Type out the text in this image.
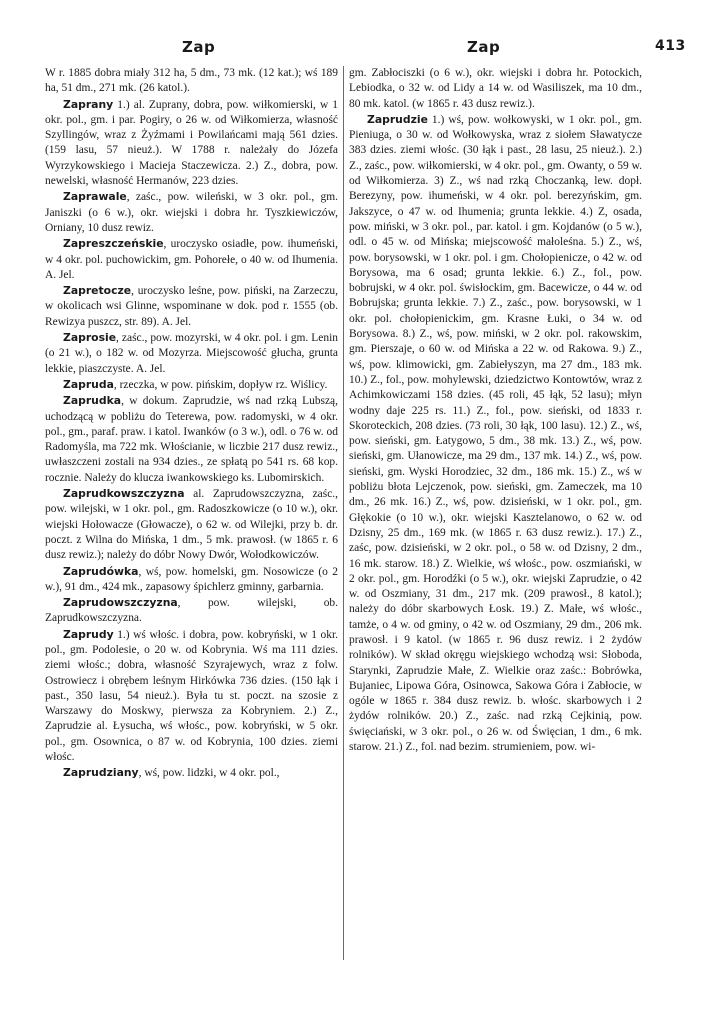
Zap	Zap	413

W r. 1885 dobra miały 312 ha, 5 dm., 73 mk. (12 kat.); wś 189 ha, 51 dm., 271 mk. (26 katol.).

Zaprany 1.) al. Zuprany, dobra, pow. wiłkomierski, w 1 okr. pol., gm. i par. Pogiry, o 26 w. od Wiłkomierza, własność Szyllingów, wraz z Żyźmami i Powilańcami mają 561 dzies. (159 lasu, 57 nieuż.). W 1788 r. należały do Józefa Wyrzykowskiego i Macieja Staczewicza. 2.) Z., dobra, pow. newelski, własność Hermanów, 223 dzies.

Zaprawale, zaśc., pow. wileński, w 3 okr. pol., gm. Janiszki (o 6 w.), okr. wiejski i dobra hr. Tyszkiewiczów, Orniany, 10 dusz rewiz.

Zapreszczeńskie, uroczysko osiadłe, pow. ihumeński, w 4 okr. pol. puchowickim, gm. Pohorełe, o 40 w. od Ihumenia. A. Jel.

Zapretocze, uroczysko leśne, pow. piński, na Zarzeczu, w okolicach wsi Glinne, wspominane w dok. pod r. 1555 (ob. Rewizya puszcz, str. 89). A. Jel.

Zaprosie, zaśc., pow. mozyrski, w 4 okr. pol. i gm. Lenin (o 21 w.), o 182 w. od Mozyrza. Miejscowość głucha, grunta lekkie, piaszczyste. A. Jel.

Zapruda, rzeczka, w pow. pińskim, dopływ rz. Wiślicy.

Zaprudka, w dokum. Zaprudzie, wś nad rzką Lubszą, uchodzącą w pobliżu do Teterewa, pow. radomyski, w 4 okr. pol., gm., paraf. praw. i katol. Iwanków (o 3 w.), odl. o 76 w. od Radomyśla, ma 722 mk. Włościanie, w liczbie 217 dusz rewiz., uwłaszczeni zostali na 934 dzies., ze spłatą po 541 rs. 68 kop. rocznie. Należy do klucza iwankowskiego ks. Lubomirskich.

Zaprudkowszczyzna al. Zaprudowszczyzna, zaśc., pow. wilejski, w 1 okr. pol., gm. Radoszkowicze (o 10 w.), okr. wiejski Hołowacze (Głowacze), o 62 w. od Wilejki, przy b. dr. poczt. z Wilna do Mińska, 1 dm., 5 mk. prawosł. (w 1865 r. 6 dusz rewiz.); należy do dóbr Nowy Dwór, Wołodkowiczów.

Zaprudówka, wś, pow. homelski, gm. Nosowicze (o 2 w.), 91 dm., 424 mk., zapasowy śpichlerz gminny, garbarnia.

Zaprudowszczyzna, pow. wilejski, ob. Zaprudkowszczyzna.

Zaprudy 1.) wś włośc. i dobra, pow. kobryński, w 1 okr. pol., gm. Podolesie, o 20 w. od Kobrynia. Wś ma 111 dzies. ziemi włośc.; dobra, własność Szyrajewych, wraz z folw. Ostrowiecz i obrębem leśnym Hirkówka 736 dzies. (150 łąk i past., 350 lasu, 54 nieuż.). Była tu st. poczt. na szosie z Warszawy do Moskwy, pierwsza za Kobryniem. 2.) Z., Zaprudzie al. Łysucha, wś włośc., pow. kobryński, w 5 okr. pol., gm. Osownica, o 87 w. od Kobrynia, 100 dzies. ziemi włośc.

Zaprudziany, wś, pow. lidzki, w 4 okr. pol.,

gm. Zabłociszki (o 6 w.), okr. wiejski i dobra hr. Potockich, Lebiodka, o 32 w. od Lidy a 14 w. od Wasiliszek, ma 10 dm., 80 mk. katol. (w 1865 r. 43 dusz rewiz.).

Zaprudzie 1.) wś, pow. wołkowyski, w 1 okr. pol., gm. Pieniuga, o 30 w. od Wołkowyska, wraz z siołem Sławatycze 383 dzies. ziemi włośc. (30 łąk i past., 28 lasu, 25 nieuż.). 2.) Z., zaśc., pow. wiłkomierski, w 4 okr. pol., gm. Owanty, o 59 w. od Wiłkomierza. 3) Z., wś nad rzką Choczanką, lew. dopł. Berezyny, pow. ihumeński, w 4 okr. pol. berezyńskim, gm. Jakszyce, o 47 w. od Ihumenia; grunta lekkie. 4.) Z, osada, pow. miński, w 3 okr. pol., par. katol. i gm. Kojdanów (o 5 w.), odl. o 45 w. od Mińska; miejscowość małoleśna. 5.) Z., wś, pow. borysowski, w 1 okr. pol. i gm. Chołopienicze, o 42 w. od Borysowa, ma 6 osad; grunta lekkie. 6.) Z., fol., pow. bobrujski, w 4 okr. pol. świsłockim, gm. Bacewicze, o 44 w. od Bobrujska; grunta lekkie. 7.) Z., zaśc., pow. borysowski, w 1 okr. pol. chołopienickim, gm. Krasne Łuki, o 34 w. od Borysowa. 8.) Z., wś, pow. miński, w 2 okr. pol. rakowskim, gm. Pierszaje, o 60 w. od Mińska a 22 w. od Rakowa. 9.) Z., wś, pow. klimowicki, gm. Zabiełyszyn, ma 27 dm., 183 mk. 10.) Z., fol., pow. mohylewski, dziedzictwo Kontowtów, wraz z Achimkowiczami 158 dzies. (45 roli, 45 łąk, 52 lasu); młyn wodny daje 225 rs. 11.) Z., fol., pow. sieński, od 1833 r. Skorotеckich, 208 dzies. (73 roli, 30 łąk, 100 lasu). 12.) Z., wś, pow. sieński, gm. Łatygowo, 5 dm., 38 mk. 13.) Z., wś, pow. sieński, gm. Ułanowicze, ma 29 dm., 137 mk. 14.) Z., wś, pow. sieński, gm. Wyski Horodziec, 32 dm., 186 mk. 15.) Z., wś w pobliżu błota Lejczenok, pow. sieński, gm. Zameczek, ma 10 dm., 26 mk. 16.) Z., wś, pow. dzisieński, w 1 okr. pol., gm. Głękokie (o 10 w.), okr. wiejski Kasztelanowo, o 62 w. od Dzisny, 25 dm., 169 mk. (w 1865 r. 63 dusz rewiz.). 17.) Z., zaśc, pow. dzisieński, w 2 okr. pol., o 58 w. od Dzisny, 2 dm., 16 mk. starow. 18.) Z. Wielkie, wś włośc., pow. oszmiański, w 2 okr. pol., gm. Horodźki (o 5 w.), okr. wiejski Zaprudzie, o 42 w. od Oszmiany, 31 dm., 217 mk. (209 prawosł., 8 katol.); należy do dóbr skarbowych Łosk. 19.) Z. Małe, wś włośc., tamże, o 4 w. od gminy, o 42 w. od Oszmiany, 29 dm., 206 mk. prawosł. i 9 katol. (w 1865 r. 96 dusz rewiz. i 2 żydów rolników). W skład okręgu wiejskiego wchodzą wsi: Słoboda, Starynki, Zaprudzie Małe, Z. Wielkie oraz zaśc.: Bobrówka, Bujaniec, Lipowa Góra, Osinowca, Sakowa Góra i Zabłocie, w ogóle w 1865 r. 384 dusz rewiz. b. włośc. skarbowych i 2 żydów rolników. 20.) Z., zaśc. nad rzką Cejkinią, pow. święciański, w 3 okr. pol., o 26 w. od Święcian, 1 dm., 6 mk. starow. 21.) Z., fol. nad bezim. strumieniem, pow. wi-
